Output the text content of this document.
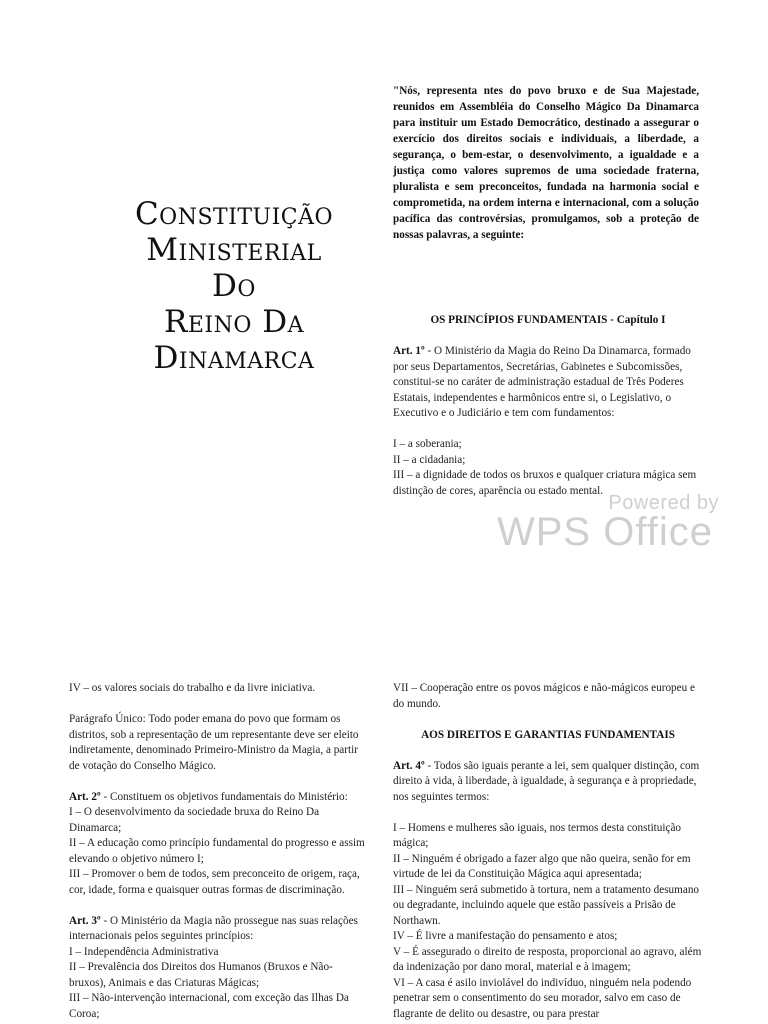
Constituição
Ministerial
Do
Reino Da
Dinamarca
"Nós, representa ntes do povo bruxo e de Sua Majestade, reunidos em Assembléia do Conselho Mágico Da Dinamarca para instituir um Estado Democrático, destinado a assegurar o exercício dos direitos sociais e individuais, a liberdade, a segurança, o bem-estar, o desenvolvimento, a igualdade e a justiça como valores supremos de uma sociedade fraterna, pluralista e sem preconceitos, fundada na harmonia social e comprometida, na ordem interna e internacional, com a solução pacífica das controvérsias, promulgamos, sob a proteção de nossas palavras, a seguinte:

OS PRINCÍPIOS FUNDAMENTAIS - Capítulo I

Art. 1º - O Ministério da Magia do Reino Da Dinamarca, formado por seus Departamentos, Secretárias, Gabinetes e Subcomissões, constitui-se no caráter de administração estadual de Três Poderes Estatais, independentes e harmônicos entre si, o Legislativo, o Executivo e o Judiciário e tem com fundamentos:

I – a soberania;
II – a cidadania;
III – a dignidade de todos os bruxos e qualquer criatura mágica sem distinção de cores, aparência ou estado mental.

Powered by
WPS Office

IV – os valores sociais do trabalho e da livre iniciativa.

Parágrafo Único: Todo poder emana do povo que formam os distritos, sob a representação de um representante deve ser eleito indiretamente, denominado Primeiro-Ministro da Magia, a partir de votação do Conselho Mágico.

Art. 2º - Constituem os objetivos fundamentais do Ministério:
I – O desenvolvimento da sociedade bruxa do Reino Da Dinamarca;
II – A educação como princípio fundamental do progresso e assim elevando o objetivo número I;
III – Promover o bem de todos, sem preconceito de origem, raça, cor, idade, forma e quaisquer outras formas de discriminação.

Art. 3º - O Ministério da Magia não prossegue nas suas relações internacionais pelos seguintes princípios:
I – Independência Administrativa
II – Prevalência dos Direitos dos Humanos (Bruxos e Não-bruxos), Animais e das Criaturas Mágicas;
III – Não-intervenção internacional, com exceção das Ilhas Da Coroa;

VII – Cooperação entre os povos mágicos e não-mágicos europeu e do mundo.

AOS DIREITOS E GARANTIAS FUNDAMENTAIS

Art. 4º - Todos são iguais perante a lei, sem qualquer distinção, com direito à vida, à liberdade, à igualdade, à segurança e à propriedade, nos seguintes termos:

I – Homens e mulheres são iguais, nos termos desta constituição mágica;
II – Ninguém é obrigado a fazer algo que não queira, senão for em virtude de lei da Constituição Mágica aqui apresentada;
III – Ninguém será submetido à tortura, nem a tratamento desumano ou degradante, incluindo aquele que estão passíveis a Prisão de Northawn.
IV – É livre a manifestação do pensamento e atos;
V – É assegurado o direito de resposta, proporcional ao agravo, além da indenização por dano moral, material e à imagem;
VI – A casa é asilo inviolável do indivíduo, ninguém nela podendo penetrar sem o consentimento do seu morador, salvo em caso de flagrante de delito ou desastre, ou para prestar
